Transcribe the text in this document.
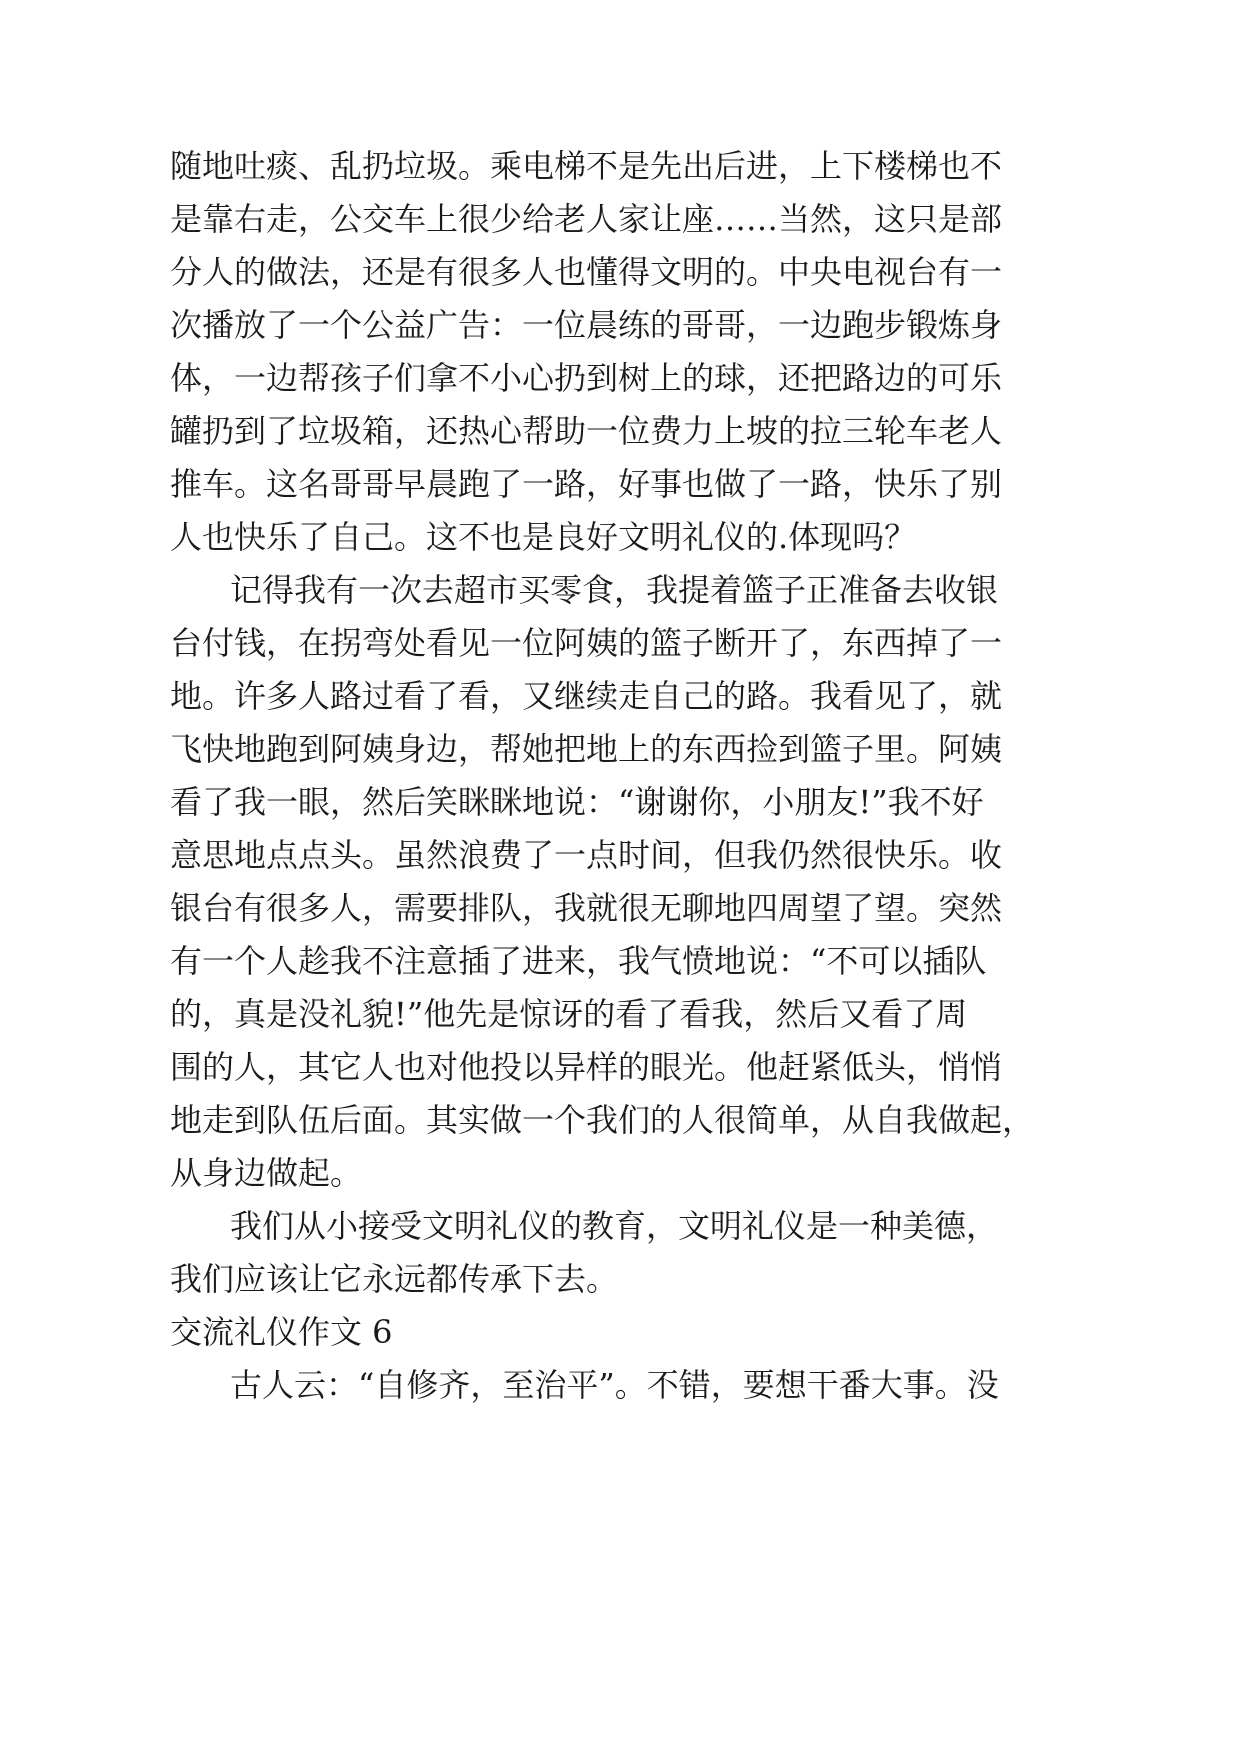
随地吐痰、乱扔垃圾。乘电梯不是先出后进，上下楼梯也不
是靠右走，公交车上很少给老人家让座……当然，这只是部
分人的做法，还是有很多人也懂得文明的。中央电视台有一
次播放了一个公益广告：一位晨练的哥哥，一边跑步锻炼身
体，一边帮孩子们拿不小心扔到树上的球，还把路边的可乐
罐扔到了垃圾箱，还热心帮助一位费力上坡的拉三轮车老人
推车。这名哥哥早晨跑了一路，好事也做了一路，快乐了别
人也快乐了自己。这不也是良好文明礼仪的.体现吗？
记得我有一次去超市买零食，我提着篮子正准备去收银
台付钱，在拐弯处看见一位阿姨的篮子断开了，东西掉了一
地。许多人路过看了看，又继续走自己的路。我看见了，就
飞快地跑到阿姨身边，帮她把地上的东西捡到篮子里。阿姨
看了我一眼，然后笑眯眯地说：“谢谢你，小朋友!”我不好
意思地点点头。虽然浪费了一点时间，但我仍然很快乐。收
银台有很多人，需要排队，我就很无聊地四周望了望。突然
有一个人趁我不注意插了进来，我气愤地说：“不可以插队
的，真是没礼貌!”他先是惊讶的看了看我，然后又看了周
围的人，其它人也对他投以异样的眼光。他赶紧低头，悄悄
地走到队伍后面。其实做一个我们的人很简单，从自我做起，
从身边做起。
我们从小接受文明礼仪的教育，文明礼仪是一种美德，
我们应该让它永远都传承下去。
交流礼仪作文 6
古人云：“自修齐，至治平”。不错，要想干番大事。没
